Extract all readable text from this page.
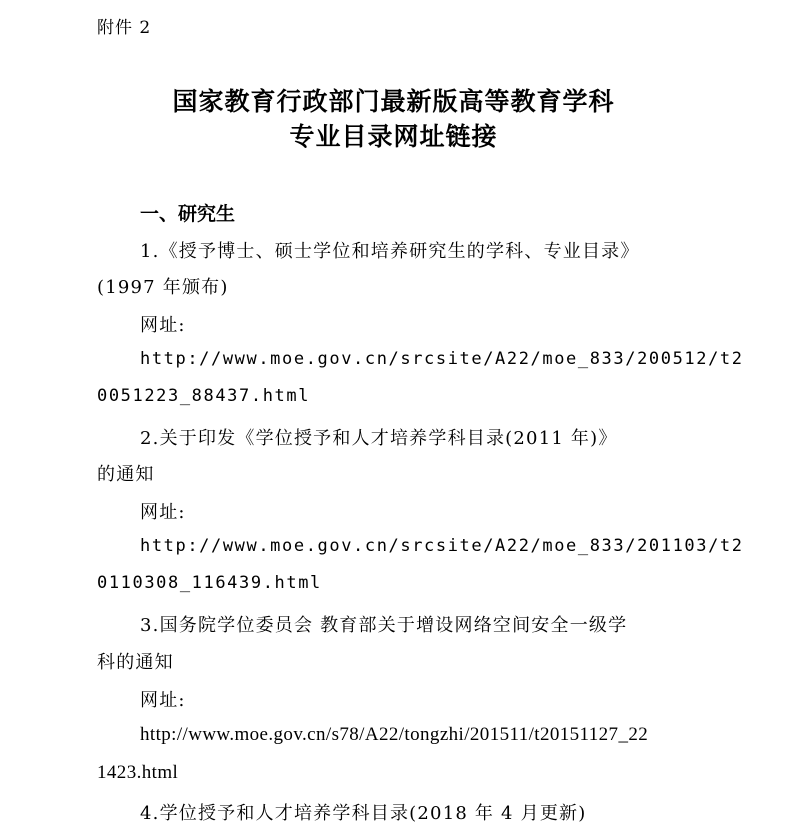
附件 2
国家教育行政部门最新版高等教育学科
专业目录网址链接
一、研究生
1.《授予博士、硕士学位和培养研究生的学科、专业目录》
(1997 年颁布)
网址:
http://www.moe.gov.cn/srcsite/A22/moe_833/200512/t2
0051223_88437.html
2.关于印发《学位授予和人才培养学科目录(2011 年)》
的通知
网址:
http://www.moe.gov.cn/srcsite/A22/moe_833/201103/t2
0110308_116439.html
3.国务院学位委员会 教育部关于增设网络空间安全一级学
科的通知
网址:
http://www.moe.gov.cn/s78/A22/tongzhi/201511/t20151127_22
1423.html
4.学位授予和人才培养学科目录(2018 年 4 月更新)
